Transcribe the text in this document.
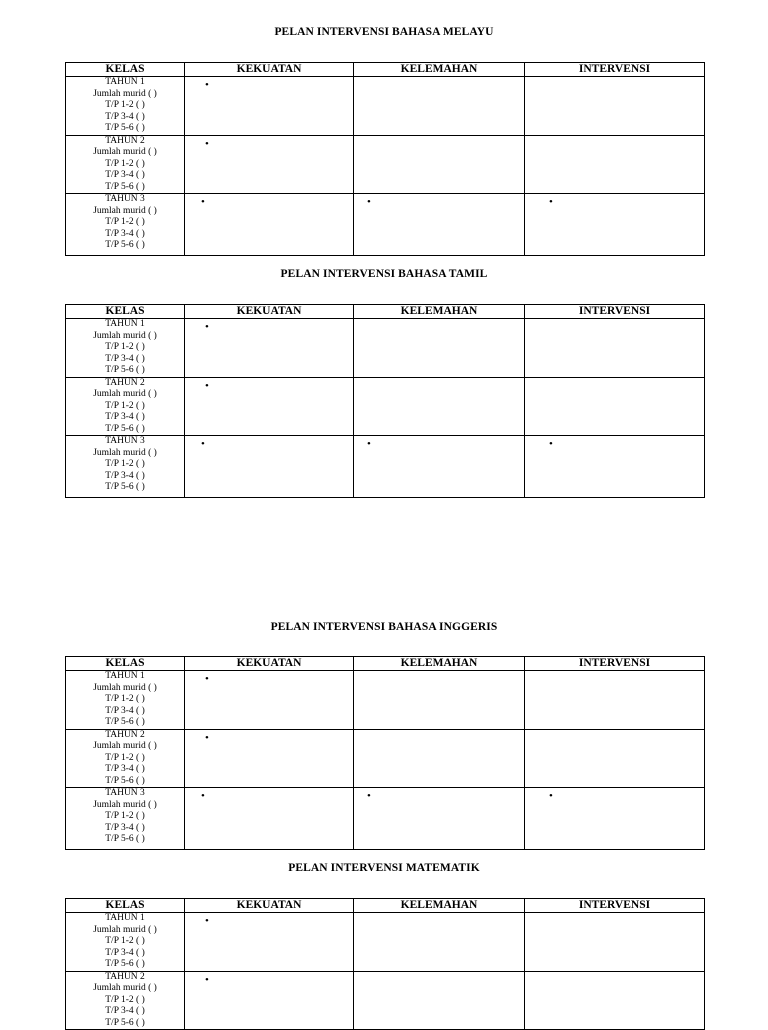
PELAN INTERVENSI BAHASA MELAYU
KELAS	KEKUATAN	KELEMAHAN	INTERVENSI

TAHUN 1
Jumlah murid ( )
T/P 1-2 ( )
T/P 3-4 ( )
T/P 5-6 ( )	•		

TAHUN 2
Jumlah murid ( )
T/P 1-2 ( )
T/P 3-4 ( )
T/P 5-6 ( )	•		

TAHUN 3
Jumlah murid ( )
T/P 1-2 ( )
T/P 3-4 ( )
T/P 5-6 ( )	•	•	•
PELAN INTERVENSI BAHASA TAMIL
KELAS	KEKUATAN	KELEMAHAN	INTERVENSI

TAHUN 1
Jumlah murid ( )
T/P 1-2 ( )
T/P 3-4 ( )
T/P 5-6 ( )	•		

TAHUN 2
Jumlah murid ( )
T/P 1-2 ( )
T/P 3-4 ( )
T/P 5-6 ( )	•		

TAHUN 3
Jumlah murid ( )
T/P 1-2 ( )
T/P 3-4 ( )
T/P 5-6 ( )	•	•	•
PELAN INTERVENSI BAHASA INGGERIS
KELAS	KEKUATAN	KELEMAHAN	INTERVENSI

TAHUN 1
Jumlah murid ( )
T/P 1-2 ( )
T/P 3-4 ( )
T/P 5-6 ( )	•		

TAHUN 2
Jumlah murid ( )
T/P 1-2 ( )
T/P 3-4 ( )
T/P 5-6 ( )	•		

TAHUN 3
Jumlah murid ( )
T/P 1-2 ( )
T/P 3-4 ( )
T/P 5-6 ( )	•	•	•
PELAN INTERVENSI MATEMATIK
KELAS	KEKUATAN	KELEMAHAN	INTERVENSI

TAHUN 1
Jumlah murid ( )
T/P 1-2 ( )
T/P 3-4 ( )
T/P 5-6 ( )	•		

TAHUN 2
Jumlah murid ( )
T/P 1-2 ( )
T/P 3-4 ( )
T/P 5-6 ( )	•		
